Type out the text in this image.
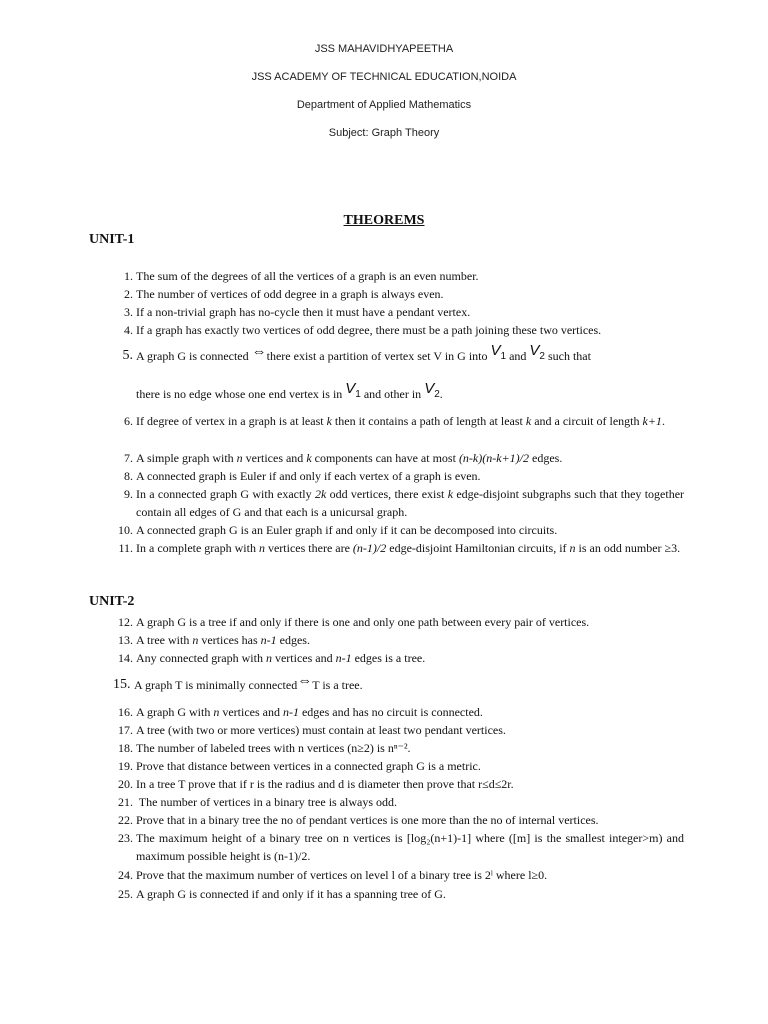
JSS MAHAVIDHYAPEETHA
JSS ACADEMY OF TECHNICAL EDUCATION,NOIDA
Department of Applied Mathematics
Subject: Graph Theory
THEOREMS
UNIT-1
1. The sum of the degrees of all the vertices of a graph is an even number.
2. The number of vertices of odd degree in a graph is always even.
3. If a non-trivial graph has no-cycle then it must have a pendant vertex.
4. If a graph has exactly two vertices of odd degree, there must be a path joining these two vertices.
5. A graph G is connected ⇔there exist a partition of vertex set V in G into $V_1$ and $V_2$ such that
there is no edge whose one end vertex is in $V_1$ and other in $V_2$.
6. If degree of vertex in a graph is at least k then it contains a path of length at least k and a circuit of length k+1.
7. A simple graph with n vertices and k components can have at most (n-k)(n-k+1)/2 edges.
8. A connected graph is Euler if and only if each vertex of a graph is even.
9. In a connected graph G with exactly 2k odd vertices, there exist k edge-disjoint subgraphs such that they together contain all edges of G and that each is a unicursal graph.
10. A connected graph G is an Euler graph if and only if it can be decomposed into circuits.
11. In a complete graph with n vertices there are (n-1)/2 edge-disjoint Hamiltonian circuits, if n is an odd number ≥3.
UNIT-2
12. A graph G is a tree if and only if there is one and only one path between every pair of vertices.
13. A tree with n vertices has n-1 edges.
14. Any connected graph with n vertices and n-1 edges is a tree.
15. A graph T is minimally connected⇔T is a tree.
16. A graph G with n vertices and n-1 edges and has no circuit is connected.
17. A tree (with two or more vertices) must contain at least two pendant vertices.
18. The number of labeled trees with n vertices (n≥2) is nⁿ⁻².
19. Prove that distance between vertices in a connected graph G is a metric.
20. In a tree T prove that if r is the radius and d is diameter then prove that r≤d≤2r.
21. The number of vertices in a binary tree is always odd.
22. Prove that in a binary tree the no of pendant vertices is one more than the no of internal vertices.
23. The maximum height of a binary tree on n vertices is [log₂(n+1)-1] where ([m] is the smallest integer>m) and maximum possible height is (n-1)/2.
24. Prove that the maximum number of vertices on level l of a binary tree is 2ˡ where l≥0.
25. A graph G is connected if and only if it has a spanning tree of G.
